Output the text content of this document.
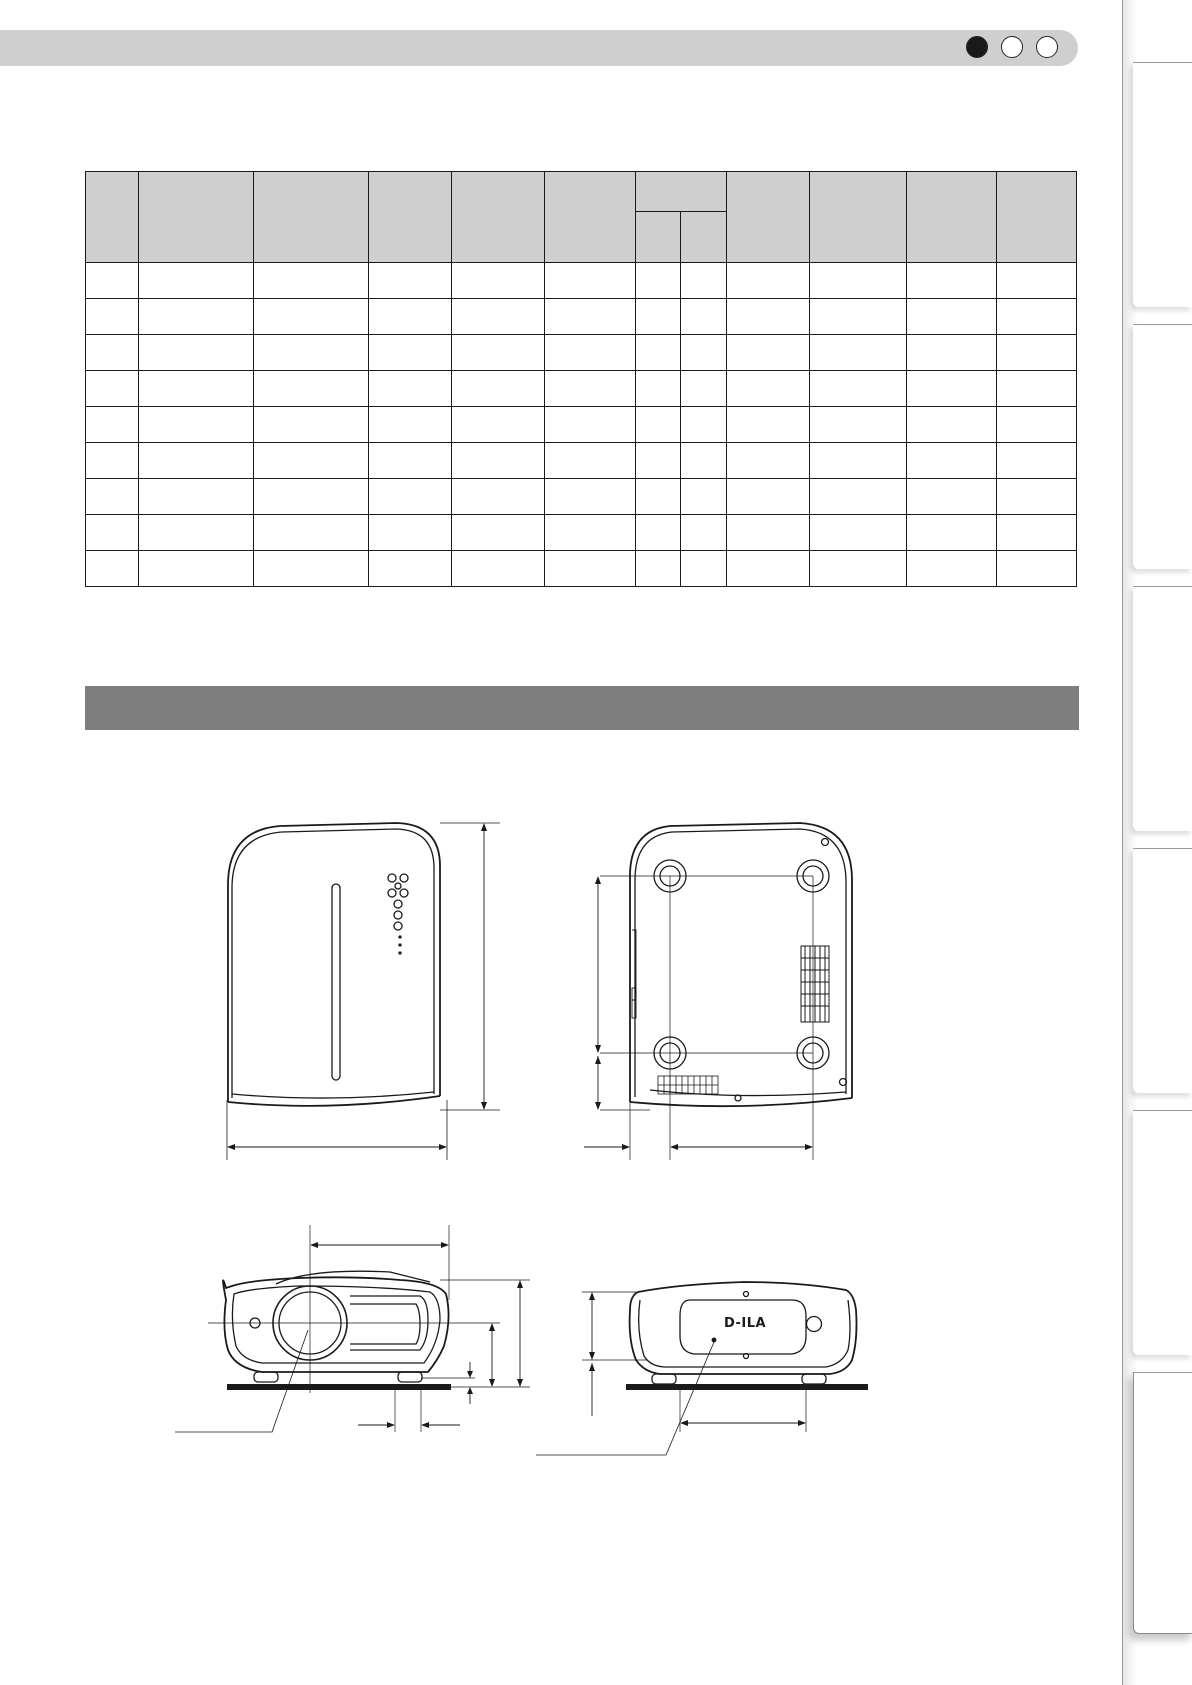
D-ILA
